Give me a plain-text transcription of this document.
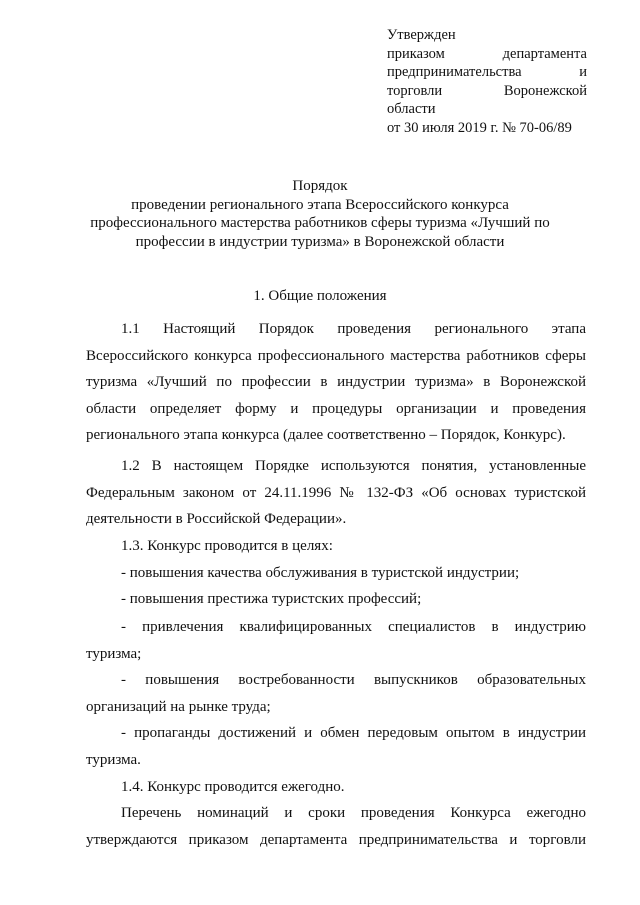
Утвержден
приказом департамента
предпринимательства и
торговли Воронежской
области
от 30 июля 2019 г. № 70-06/89
Порядок
проведении регионального этапа Всероссийского конкурса
профессионального мастерства работников сферы туризма «Лучший по
профессии в индустрии туризма» в Воронежской области
1. Общие положения
1.1 Настоящий Порядок проведения регионального этапа
Всероссийского конкурса профессионального мастерства работников сферы
туризма «Лучший по профессии в индустрии туризма» в Воронежской
области определяет форму и процедуры организации и проведения
регионального этапа конкурса (далее соответственно – Порядок, Конкурс).
1.2 В настоящем Порядке используются понятия, установленные
Федеральным законом от 24.11.1996 № 132-ФЗ «Об основах туристской
деятельности в Российской Федерации».
1.3. Конкурс проводится в целях:
- повышения качества обслуживания в туристской индустрии;
- повышения престижа туристских профессий;
- привлечения квалифицированных специалистов в индустрию
туризма;
- повышения востребованности выпускников образовательных
организаций на рынке труда;
- пропаганды достижений и обмен передовым опытом в индустрии
туризма.
1.4. Конкурс проводится ежегодно.
Перечень номинаций и сроки проведения Конкурса ежегодно
утверждаются приказом департамента предпринимательства и торговли
